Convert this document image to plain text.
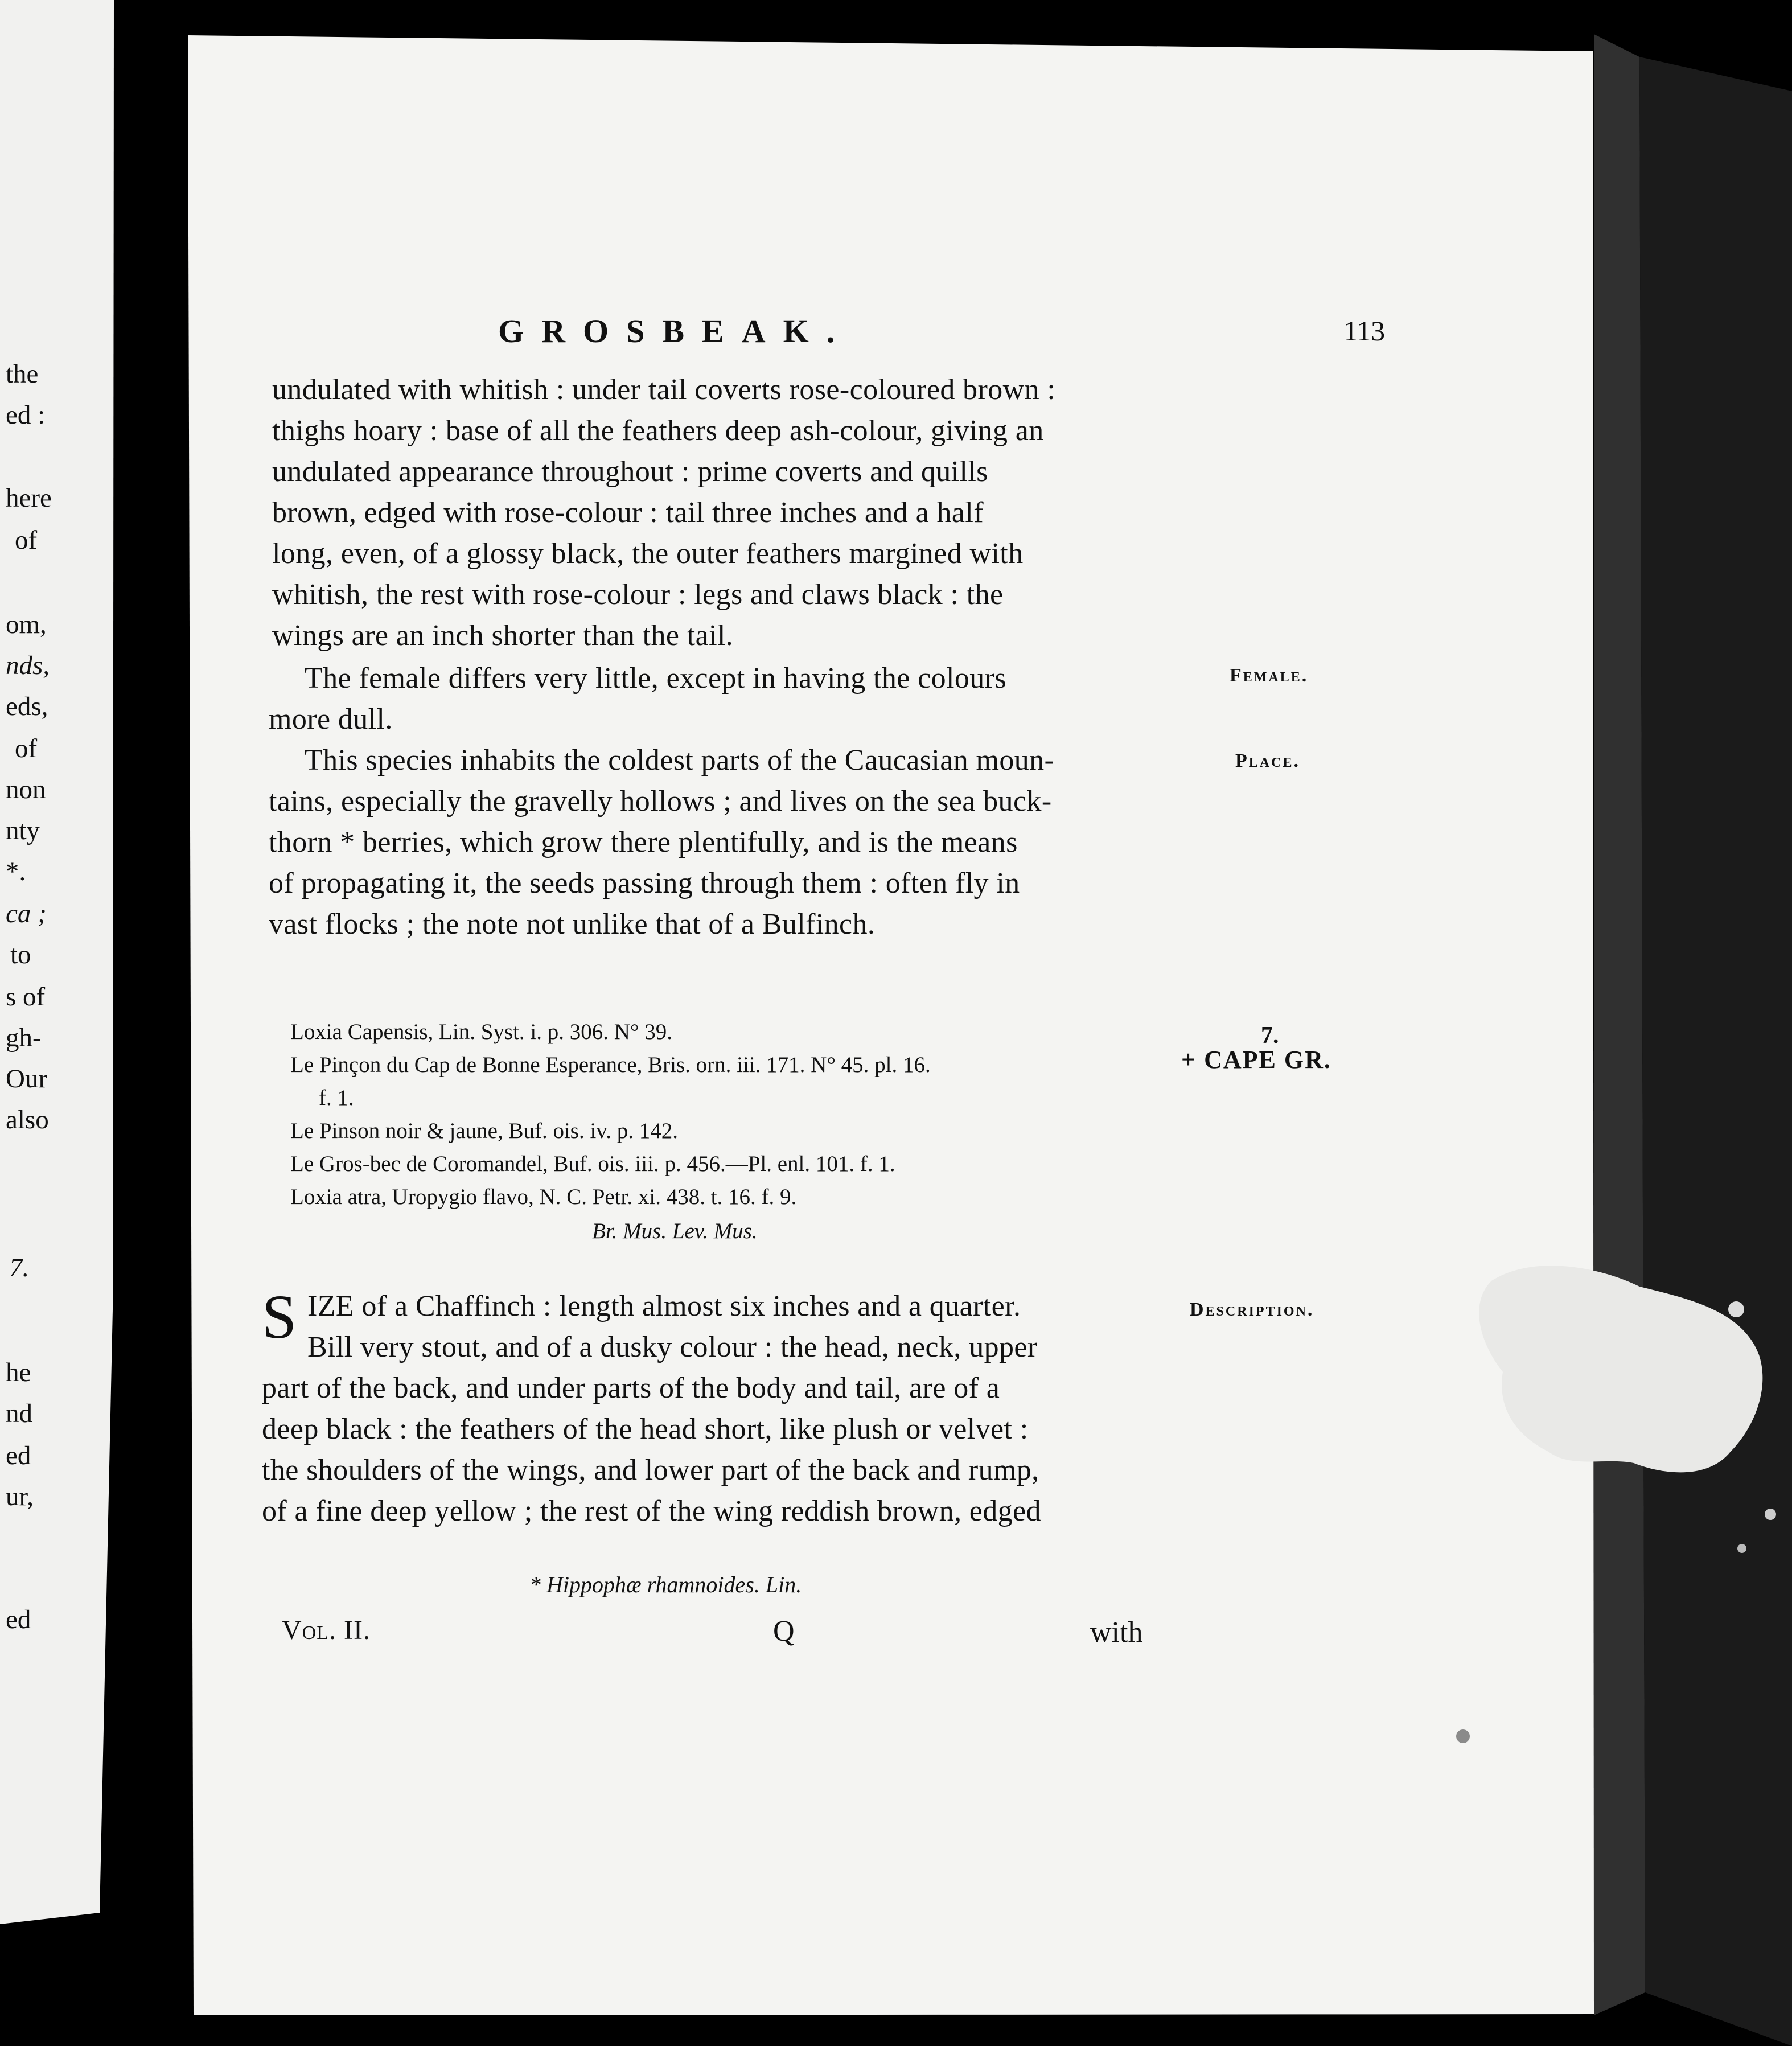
the
ed :
here
of
om,
nds,
eds,
of
non
nty
*.
ca ;
to
s of
gh-
Our
also
7.
he
nd
ed
ur,
ed
GROSBEAK.	113
undulated with whitish : under tail coverts rose-coloured brown :
thighs hoary : base of all the feathers deep ash-colour, giving an
undulated appearance throughout : prime coverts and quills
brown, edged with rose-colour : tail three inches and a half
long, even, of a glossy black, the outer feathers margined with
whitish, the rest with rose-colour : legs and claws black : the
wings are an inch shorter than the tail.
The female differs very little, except in having the colours
more dull.
Female.
This species inhabits the coldest parts of the Caucasian moun-
tains, especially the gravelly hollows ; and lives on the sea buck-
thorn * berries, which grow there plentifully, and is the means
of propagating it, the seeds passing through them : often fly in
vast flocks ; the note not unlike that of a Bulfinch.
Place.
Loxia Capensis, Lin. Syst. i. p. 306. N° 39.
Le Pinçon du Cap de Bonne Esperance, Bris. orn. iii. 171. N° 45. pl. 16.
f. 1.
Le Pinson noir & jaune, Buf. ois. iv. p. 142.
Le Gros-bec de Coromandel, Buf. ois. iii. p. 456.—Pl. enl. 101. f. 1.
Loxia atra, Uropygio flavo, N. C. Petr. xi. 438. t. 16. f. 9.
Br. Mus. Lev. Mus.
7.
+ CAPE GR.
S IZE of a Chaffinch : length almost six inches and a quarter.
Bill very stout, and of a dusky colour : the head, neck, upper
part of the back, and under parts of the body and tail, are of a
deep black : the feathers of the head short, like plush or velvet :
the shoulders of the wings, and lower part of the back and rump,
of a fine deep yellow ; the rest of the wing reddish brown, edged
Description.
* Hippophæ rhamnoides. Lin.
Vol. II.	Q	with
